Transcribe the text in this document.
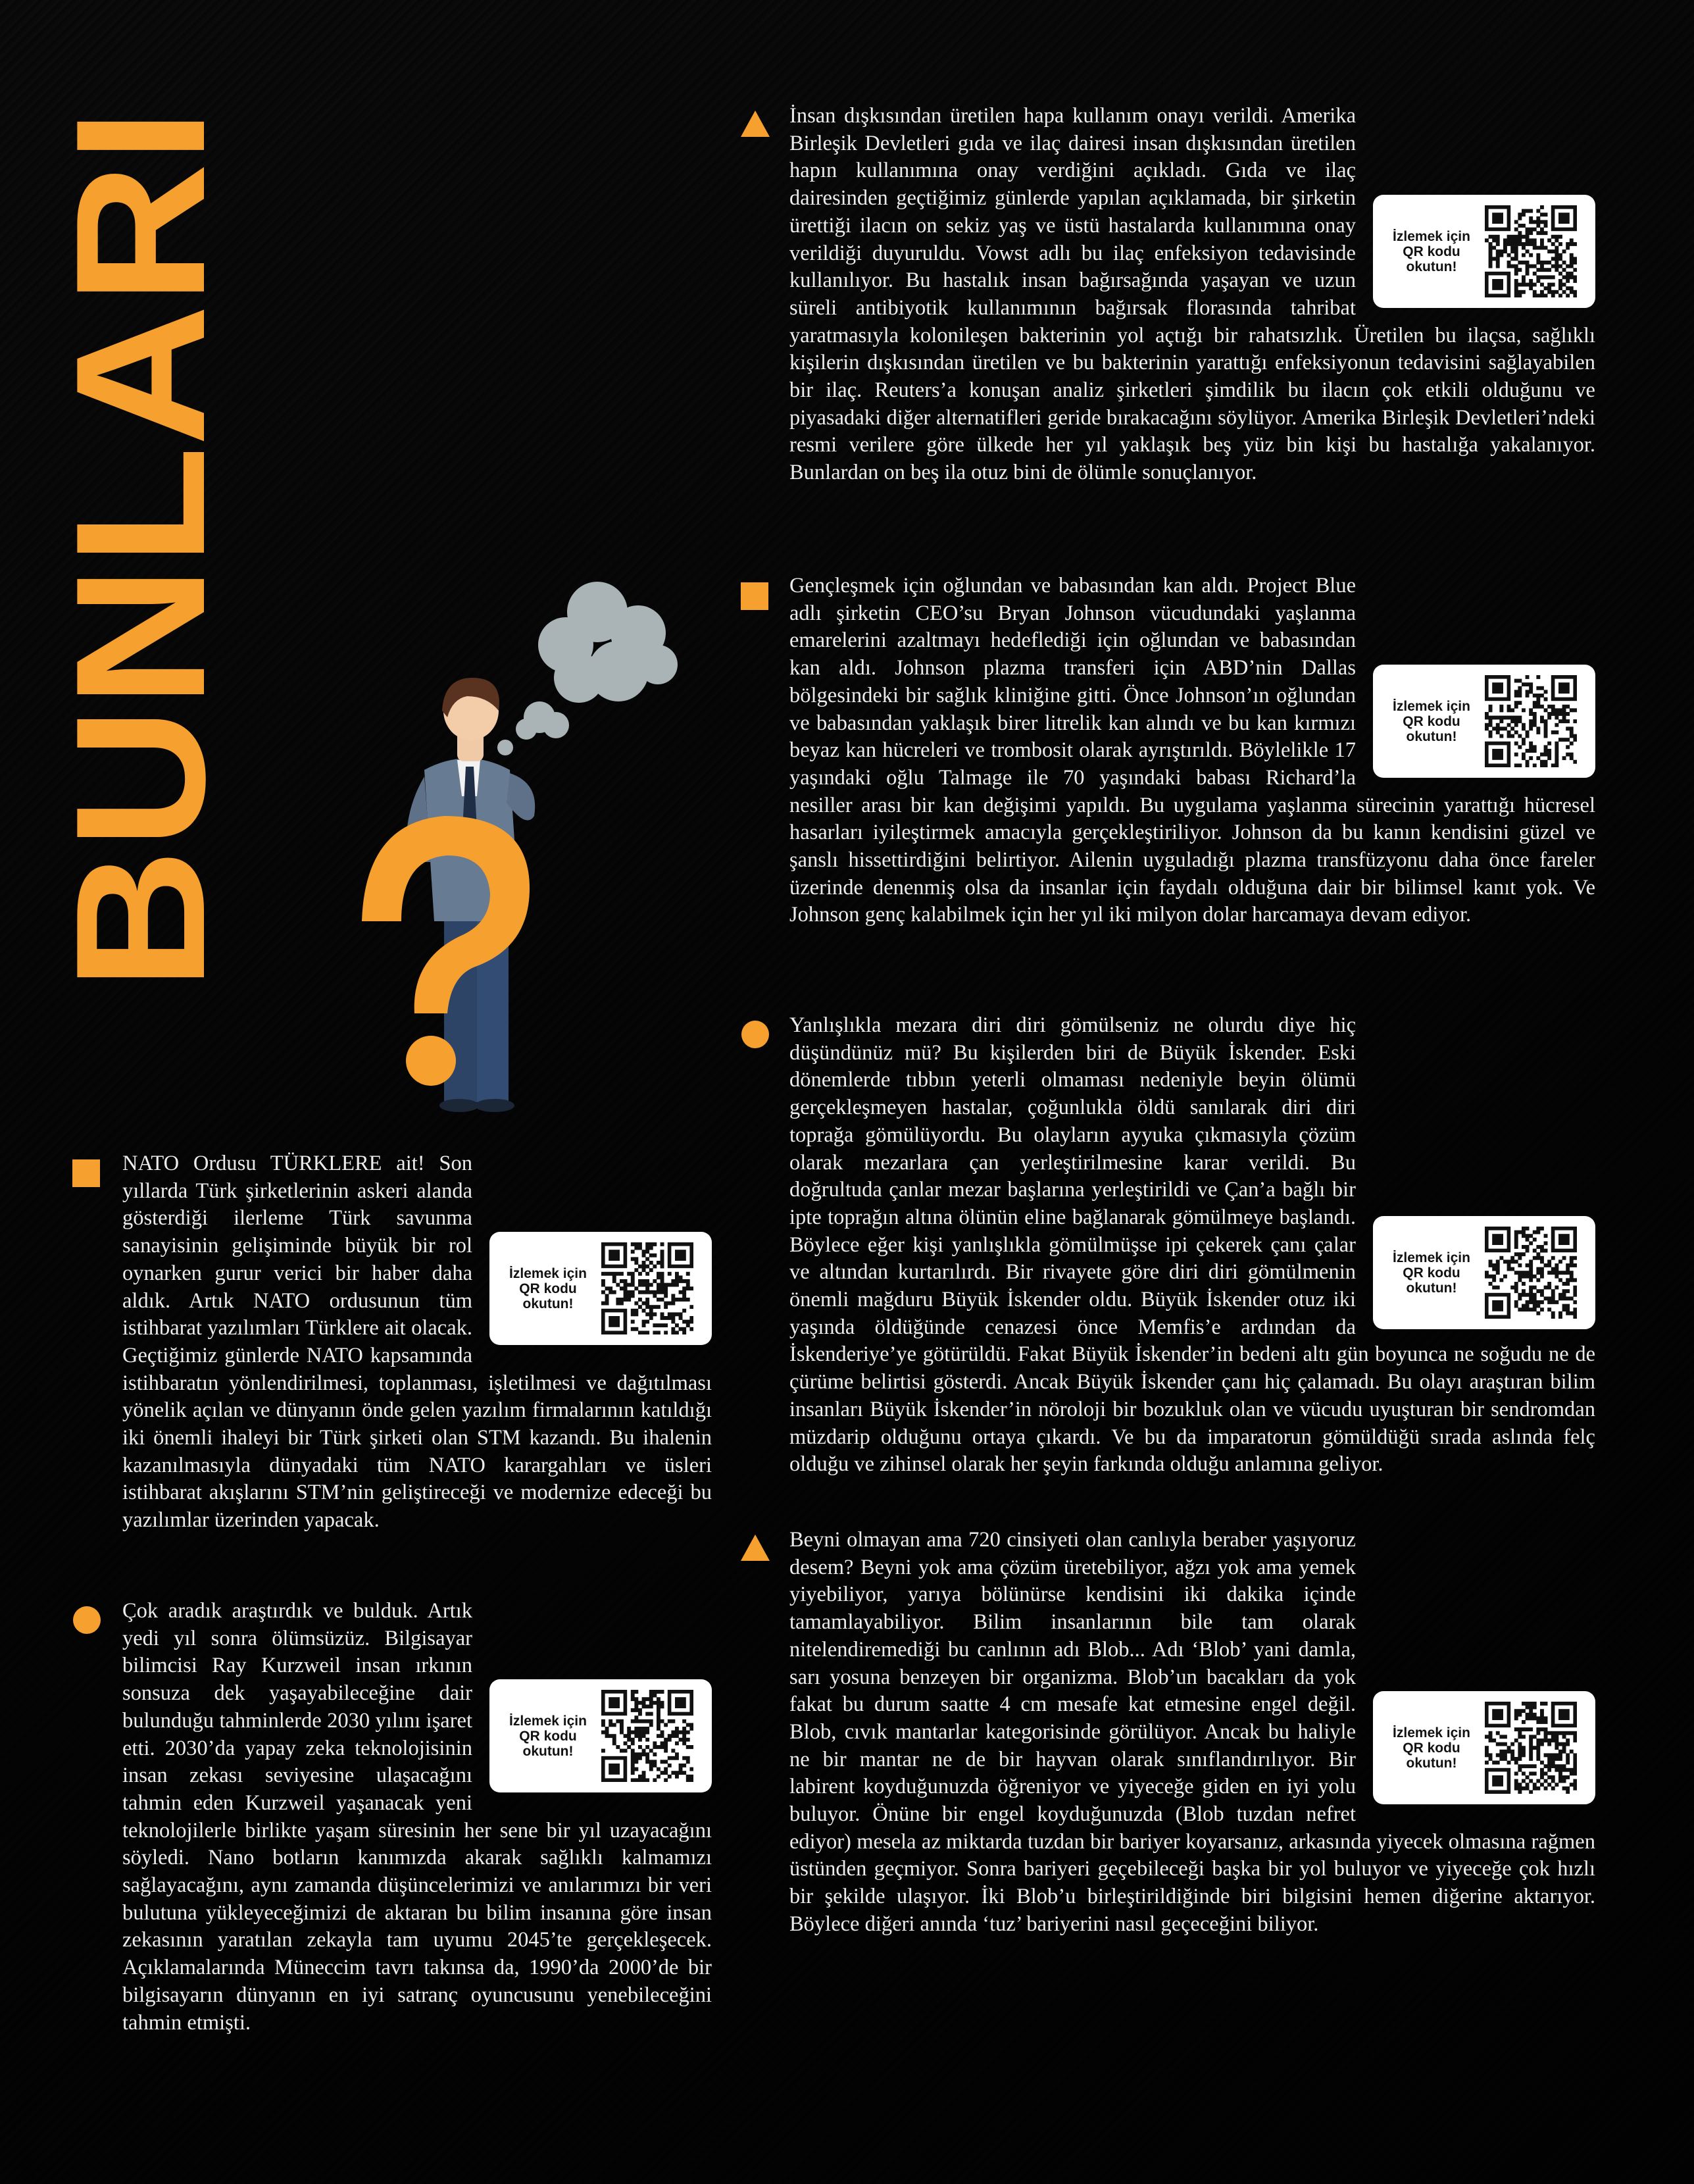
BUNLARI	İzlemek için QR kodu okutun!
İnsan dışkısından üretilen hapa kullanım onayı verildi. Amerika Birleşik Devletleri gıda ve ilaç dairesi insan dışkısından üretilen hapın kullanımına onay verdiğini açıkladı. Gıda ve ilaç dairesinden geçtiğimiz günlerde yapılan açıklamada, bir şirketin ürettiği ilacın on sekiz yaş ve üstü hastalarda kullanımına onay verildiği duyuruldu. Vowst adlı bu ilaç enfeksiyon tedavisinde kullanılıyor. Bu hastalık insan bağırsağında yaşayan ve uzun süreli antibiyotik kullanımının bağırsak florasında tahribat yaratmasıyla kolonileşen bakterinin yol açtığı bir rahatsızlık. Üretilen bu ilaçsa, sağlıklı kişilerin dışkısından üretilen ve bu bakterinin yarattığı enfeksiyonun tedavisini sağlayabilen bir ilaç. Reuters’a konuşan analiz şirketleri şimdilik bu ilacın çok etkili olduğunu ve piyasadaki diğer alternatifleri geride bırakacağını söylüyor. Amerika Birleşik Devletleri’ndeki resmi verilere göre ülkede her yıl yaklaşık beş yüz bin kişi bu hastalığa yakalanıyor. Bunlardan on beş ila otuz bini de ölümle sonuçlanıyor.

İzlemek için QR kodu okutun!
Gençleşmek için oğlundan ve babasından kan aldı. Project Blue adlı şirketin CEO’su Bryan Johnson vücudundaki yaşlanma emarelerini azaltmayı hedeflediği için oğlundan ve babasından kan aldı. Johnson plazma transferi için ABD’nin Dallas bölgesindeki bir sağlık kliniğine gitti. Önce Johnson’ın oğlundan ve babasından yaklaşık birer litrelik kan alındı ve bu kan kırmızı beyaz kan hücreleri ve trombosit olarak ayrıştırıldı. Böylelikle 17 yaşındaki oğlu Talmage ile 70 yaşındaki babası Richard’la nesiller arası bir kan değişimi yapıldı. Bu uygulama yaşlanma sürecinin yarattığı hücresel hasarları iyileştirmek amacıyla gerçekleştiriliyor. Johnson da bu kanın kendisini güzel ve şanslı hissettirdiğini belirtiyor. Ailenin uyguladığı plazma transfüzyonu daha önce fareler üzerinde denenmiş olsa da insanlar için faydalı olduğuna dair bir bilimsel kanıt yok. Ve Johnson genç kalabilmek için her yıl iki milyon dolar harcamaya devam ediyor.

İzlemek için QR kodu okutun!
Yanlışlıkla mezara diri diri gömülseniz ne olurdu diye hiç düşündünüz mü? Bu kişilerden biri de Büyük İskender. Eski dönemlerde tıbbın yeterli olmaması nedeniyle beyin ölümü gerçekleşmeyen hastalar, çoğunlukla öldü sanılarak diri diri toprağa gömülüyordu. Bu olayların ayyuka çıkmasıyla çözüm olarak mezarlara çan yerleştirilmesine karar verildi. Bu doğrultuda çanlar mezar başlarına yerleştirildi ve Çan’a bağlı bir ipte toprağın altına ölünün eline bağlanarak gömülmeye başlandı. Böylece eğer kişi yanlışlıkla gömülmüşse ipi çekerek çanı çalar ve altından kurtarılırdı. Bir rivayete göre diri diri gömülmenin önemli mağduru Büyük İskender oldu. Büyük İskender otuz iki yaşında öldüğünde cenazesi önce Memfis’e ardından da İskenderiye’ye götürüldü. Fakat Büyük İskender’in bedeni altı gün boyunca ne soğudu ne de çürüme belirtisi gösterdi. Ancak Büyük İskender çanı hiç çalamadı. Bu olayı araştıran bilim insanları Büyük İskender’in nöroloji bir bozukluk olan ve vücudu uyuşturan bir sendromdan müzdarip olduğunu ortaya çıkardı. Ve bu da imparatorun gömüldüğü sırada aslında felç olduğu ve zihinsel olarak her şeyin farkında olduğu anlamına geliyor.

İzlemek için QR kodu okutun!
Beyni olmayan ama 720 cinsiyeti olan canlıyla beraber yaşıyoruz desem? Beyni yok ama çözüm üretebiliyor, ağzı yok ama yemek yiyebiliyor, yarıya bölünürse kendisini iki dakika içinde tamamlayabiliyor. Bilim insanlarının bile tam olarak nitelendiremediği bu canlının adı Blob... Adı ‘Blob’ yani damla, sarı yosuna benzeyen bir organizma. Blob’un bacakları da yok fakat bu durum saatte 4 cm mesafe kat etmesine engel değil. Blob, cıvık mantarlar kategorisinde görülüyor. Ancak bu haliyle ne bir mantar ne de bir hayvan olarak sınıflandırılıyor. Bir labirent koyduğunuzda öğreniyor ve yiyeceğe giden en iyi yolu buluyor. Önüne bir engel koyduğunuzda (Blob tuzdan nefret ediyor) mesela az miktarda tuzdan bir bariyer koyarsanız, arkasında yiyecek olmasına rağmen üstünden geçmiyor. Sonra bariyeri geçebileceği başka bir yol buluyor ve yiyeceğe çok hızlı bir şekilde ulaşıyor. İki Blob’u birleştirildiğinde biri bilgisini hemen diğerine aktarıyor. Böylece diğeri anında ‘tuz’ bariyerini nasıl geçeceğini biliyor.

İzlemek için QR kodu okutun!
NATO Ordusu TÜRKLERE ait! Son yıllarda Türk şirketlerinin askeri alanda gösterdiği ilerleme Türk savunma sanayisinin gelişiminde büyük bir rol oynarken gurur verici bir haber daha aldık. Artık NATO ordusunun tüm istihbarat yazılımları Türklere ait olacak. Geçtiğimiz günlerde NATO kapsamında istihbaratın yönlendirilmesi, toplanması, işletilmesi ve dağıtılması yönelik açılan ve dünyanın önde gelen yazılım firmalarının katıldığı iki önemli ihaleyi bir Türk şirketi olan STM kazandı. Bu ihalenin kazanılmasıyla dünyadaki tüm NATO karargahları ve üsleri istihbarat akışlarını STM’nin geliştireceği ve modernize edeceği bu yazılımlar üzerinden yapacak.

İzlemek için QR kodu okutun!
Çok aradık araştırdık ve bulduk. Artık yedi yıl sonra ölümsüzüz. Bilgisayar bilimcisi Ray Kurzweil insan ırkının sonsuza dek yaşayabileceğine dair bulunduğu tahminlerde 2030 yılını işaret etti. 2030’da yapay zeka teknolojisinin insan zekası seviyesine ulaşacağını tahmin eden Kurzweil yaşanacak yeni teknolojilerle birlikte yaşam süresinin her sene bir yıl uzayacağını söyledi. Nano botların kanımızda akarak sağlıklı kalmamızı sağlayacağını, aynı zamanda düşüncelerimizi ve anılarımızı bir veri bulutuna yükleyeceğimizi de aktaran bu bilim insanına göre insan zekasının yaratılan zekayla tam uyumu 2045’te gerçekleşecek. Açıklamalarında Müneccim tavrı takınsa da, 1990’da 2000’de bir bilgisayarın dünyanın en iyi satranç oyuncusunu yenebileceğini tahmin etmişti.
